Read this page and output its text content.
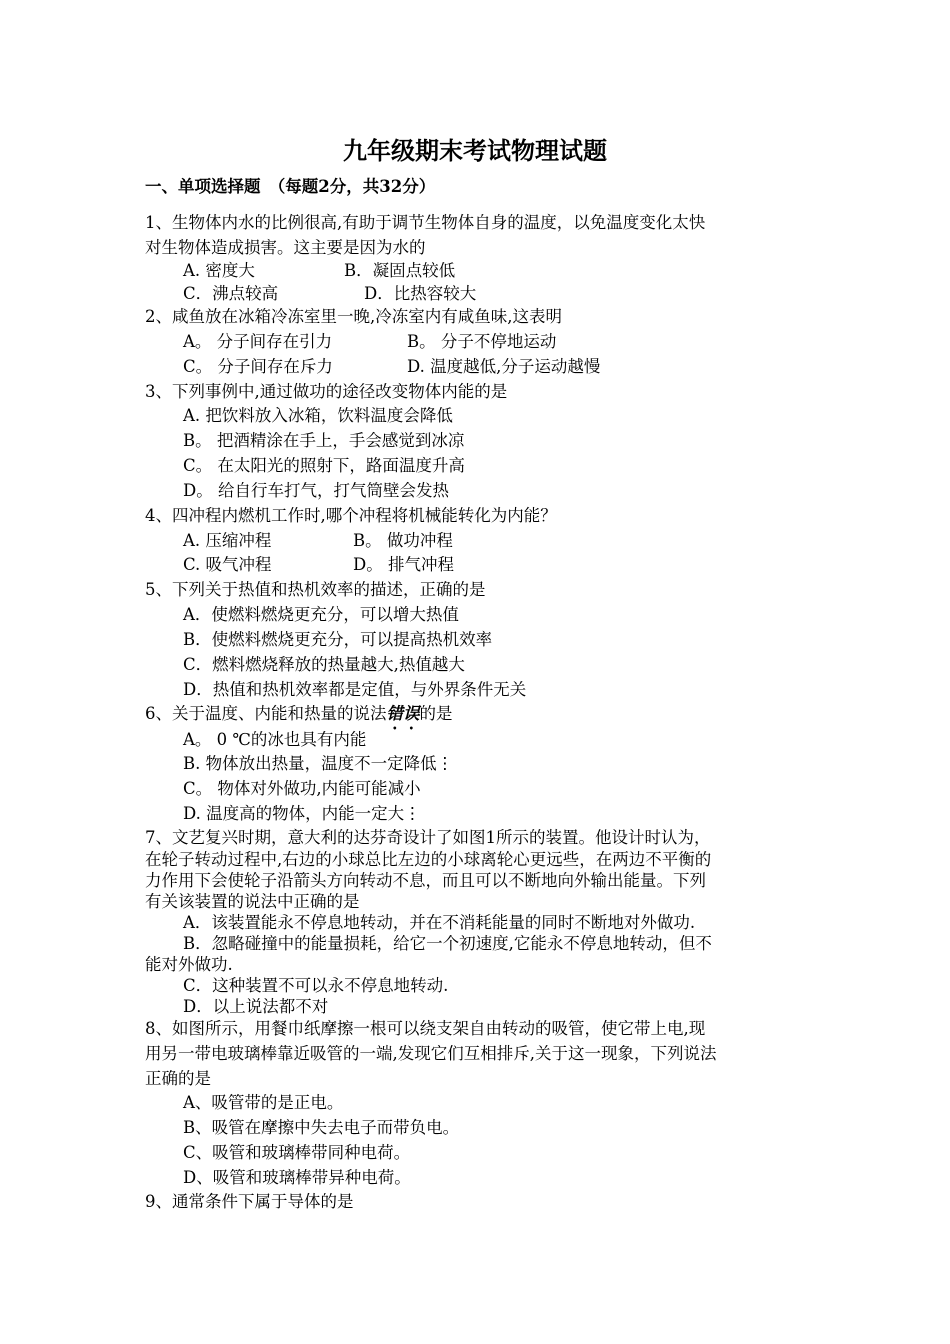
九年级期末考试物理试题
一、单项选择题　（每题2分，共32分）
1、生物体内水的比例很高,有助于调节生物体自身的温度，以免温度变化太快
对生物体造成损害。这主要是因为水的
A. 密度大	B．凝固点较低
C．沸点较高	D．比热容较大
2、咸鱼放在冰箱冷冻室里一晚,冷冻室内有咸鱼味,这表明
A。 分子间存在引力	B。 分子不停地运动
C。 分子间存在斥力	D. 温度越低,分子运动越慢
3、下列事例中,通过做功的途径改变物体内能的是
A. 把饮料放入冰箱，饮料温度会降低
B。 把酒精涂在手上，手会感觉到冰凉
C。 在太阳光的照射下，路面温度升高
D。 给自行车打气，打气筒壁会发热
4、四冲程内燃机工作时,哪个冲程将机械能转化为内能？
A. 压缩冲程	B。 做功冲程
C. 吸气冲程	D。 排气冲程
5、下列关于热值和热机效率的描述，正确的是
A．使燃料燃烧更充分，可以增大热值
B．使燃料燃烧更充分，可以提高热机效率
C．燃料燃烧释放的热量越大,热值越大
D．热值和热机效率都是定值，与外界条件无关
6、关于温度、内能和热量的说法错误的是
A。 0 ℃的冰也具有内能
B. 物体放出热量，温度不一定降低⋮
C。 物体对外做功,内能可能减小
D. 温度高的物体，内能一定大⋮
7、文艺复兴时期，意大利的达芬奇设计了如图1所示的装置。他设计时认为，
在轮子转动过程中,右边的小球总比左边的小球离轮心更远些，在两边不平衡的
力作用下会使轮子沿箭头方向转动不息，而且可以不断地向外输出能量。下列
有关该装置的说法中正确的是
A．该装置能永不停息地转动，并在不消耗能量的同时不断地对外做功.
B．忽略碰撞中的能量损耗，给它一个初速度,它能永不停息地转动，但不
能对外做功.
C．这种装置不可以永不停息地转动.
D．以上说法都不对
8、如图所示，用餐巾纸摩擦一根可以绕支架自由转动的吸管，使它带上电,现
用另一带电玻璃棒靠近吸管的一端,发现它们互相排斥,关于这一现象，下列说法
正确的是
A、吸管带的是正电。
B、吸管在摩擦中失去电子而带负电。
C、吸管和玻璃棒带同种电荷。
D、吸管和玻璃棒带异种电荷。
9、通常条件下属于导体的是
